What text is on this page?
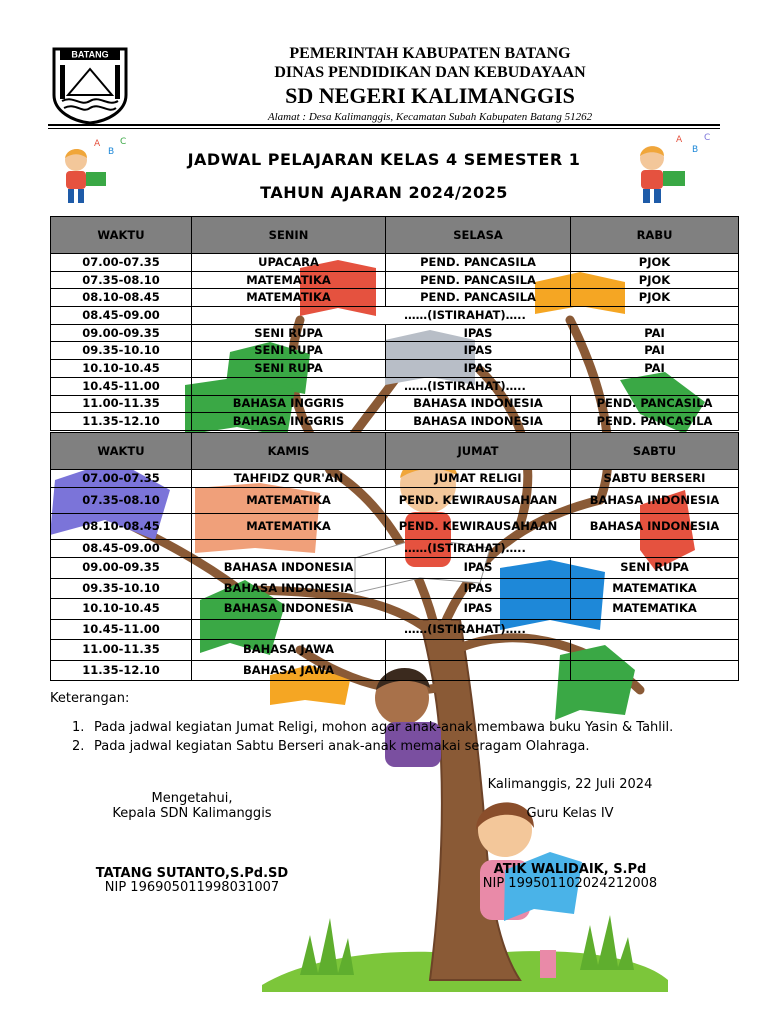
BATANG	PEMERINTAH KABUPATEN BATANG
DINAS PENDIDIKAN DAN KEBUDAYAAN
SD NEGERI KALIMANGGIS
Alamat : Desa Kalimanggis, Kecamatan Subah Kabupaten Batang 51262
A
B
C	A
B
C
JADWAL PELAJARAN KELAS 4 SEMESTER 1
TAHUN AJARAN 2024/2025
WAKTU	SENIN	SELASA	RABU
07.00-07.35	UPACARA	PEND. PANCASILA	PJOK
07.35-08.10	MATEMATIKA	PEND. PANCASILA	PJOK
08.10-08.45	MATEMATIKA	PEND. PANCASILA	PJOK
08.45-09.00	……(ISTIRAHAT)…..		
09.00-09.35	SENI RUPA	IPAS	PAI
09.35-10.10	SENI RUPA	IPAS	PAI
10.10-10.45	SENI RUPA	IPAS	PAI
10.45-11.00	……(ISTIRAHAT)…..		
11.00-11.35	BAHASA INGGRIS	BAHASA INDONESIA	PEND. PANCASILA
11.35-12.10	BAHASA INGGRIS	BAHASA INDONESIA	PEND. PANCASILA
WAKTU	KAMIS	JUMAT	SABTU
07.00-07.35	TAHFIDZ QUR'AN	JUMAT RELIGI	SABTU BERSERI
07.35-08.10	MATEMATIKA	PEND. KEWIRAUSAHAAN	BAHASA INDONESIA
08.10-08.45	MATEMATIKA	PEND. KEWIRAUSAHAAN	BAHASA INDONESIA
08.45-09.00	……(ISTIRAHAT)…..		
09.00-09.35	BAHASA INDONESIA	IPAS	SENI RUPA
09.35-10.10	BAHASA INDONESIA	IPAS	MATEMATIKA
10.10-10.45	BAHASA INDONESIA	IPAS	MATEMATIKA
10.45-11.00	……(ISTIRAHAT)…..		
11.00-11.35	BAHASA JAWA		
11.35-12.10	BAHASA JAWA		
Keterangan:
1. Pada jadwal kegiatan Jumat Religi, mohon agar anak-anak membawa buku Yasin & Tahlil.
2. Pada jadwal kegiatan Sabtu Berseri anak-anak memakai seragam Olahraga.
Kalimanggis, 22 Juli 2024
Mengetahui,
Kepala SDN Kalimanggis	Guru Kelas IV
TATANG SUTANTO,S.Pd.SD
NIP 196905011998031007
ATIK WALIDAIK, S.Pd
NIP 199501102024212008
